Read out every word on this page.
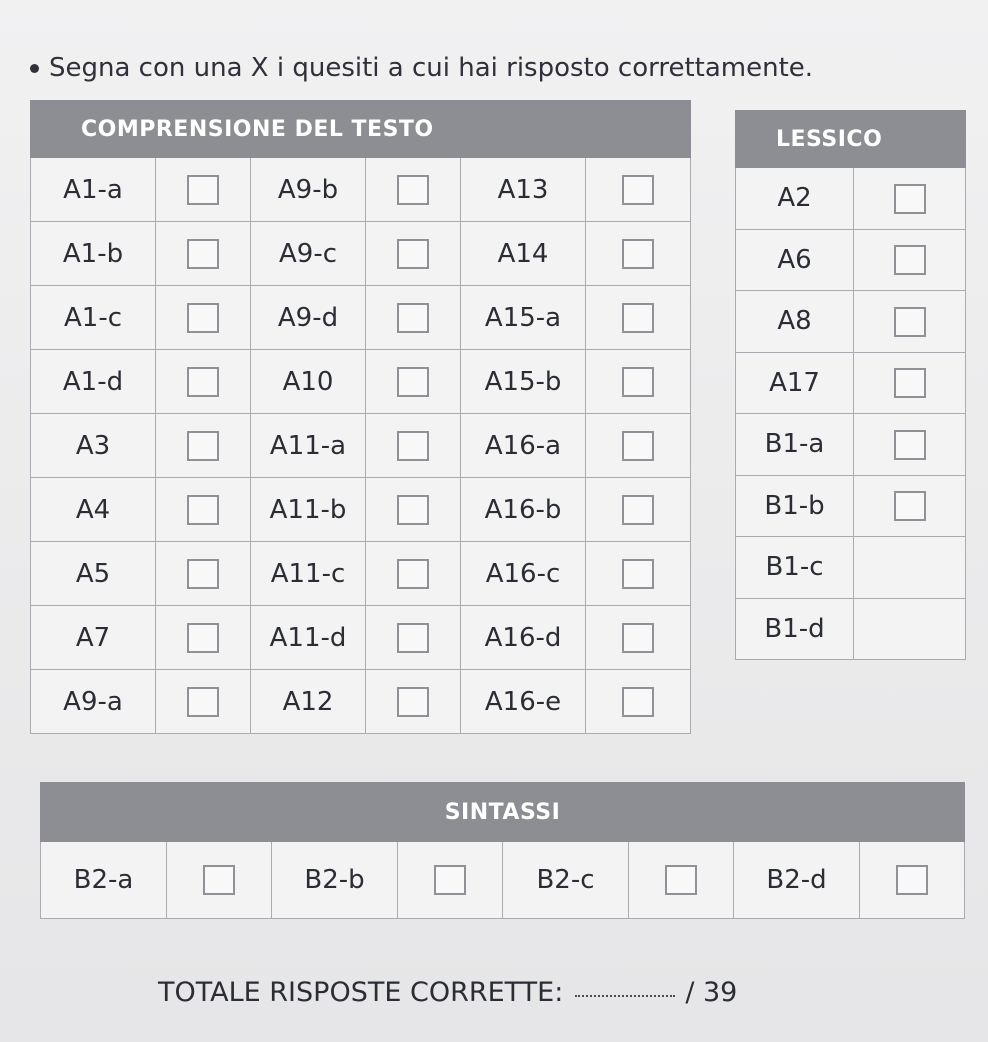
Segna con una X i quesiti a cui hai risposto correttamente.
COMPRENSIONE DEL TESTO					
A1-a		A9-b		A13	
A1-b		A9-c		A14	
A1-c		A9-d		A15-a	
A1-d		A10		A15-b	
A3		A11-a		A16-a	
A4		A11-b		A16-b	
A5		A11-c		A16-c	
A7		A11-d		A16-d	
A9-a		A12		A16-e	
LESSICO	
A2	
A6	
A8	
A17	
B1-a	
B1-b	
B1-c	
B1-d	
SINTASSI
B2-a		B2-b		B2-c		B2-d	
TOTALE RISPOSTE CORRETTE:	/ 39
